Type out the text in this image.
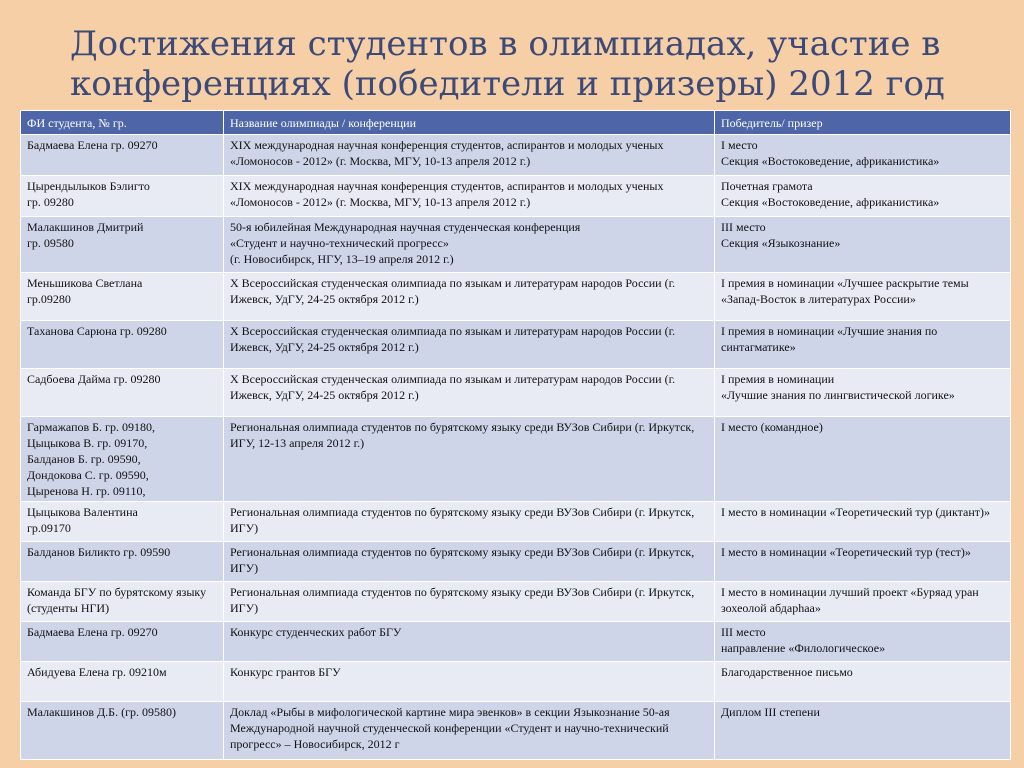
Достижения студентов в олимпиадах, участие в конференциях (победители и призеры) 2012 год
ФИ студента, № гр.	Название олимпиады / конференции	Победитель/ призер
Бадмаева Елена гр. 09270	XIX международная научная конференция студентов, аспирантов и молодых ученых «Ломоносов - 2012» (г. Москва, МГУ, 10-13 апреля 2012 г.)	I место
Секция «Востоковедение, африканистика»
Цырендылыков Бэлигто
гр. 09280	XIX международная научная конференция студентов, аспирантов и молодых ученых «Ломоносов - 2012» (г. Москва, МГУ, 10-13 апреля 2012 г.)	Почетная грамота
Секция «Востоковедение, африканистика»
Малакшинов Дмитрий
гр. 09580	50-я юбилейная Международная научная студенческая конференция
«Студент и научно-технический прогресс»
(г. Новосибирск, НГУ, 13–19 апреля 2012 г.)	III место
Секция «Языкознание»
Меньшикова Светлана
гр.09280	X Всероссийская студенческая олимпиада по языкам и литературам народов России (г. Ижевск, УдГУ, 24-25 октября 2012 г.)	I премия в номинации «Лучшее раскрытие темы «Запад-Восток в литературах России»
Таханова Сарюна гр. 09280	X Всероссийская студенческая олимпиада по языкам и литературам народов России (г. Ижевск, УдГУ, 24-25 октября 2012 г.)	I премия в номинации «Лучшие знания по синтагматике»
Садбоева Дайма гр. 09280	X Всероссийская студенческая олимпиада по языкам и литературам народов России (г. Ижевск, УдГУ, 24-25 октября 2012 г.)	I премия в номинации
«Лучшие знания по лингвистической логике»
Гармажапов Б. гр. 09180,
Цыцыкова В. гр. 09170,
Балданов Б. гр. 09590,
Дондокова С. гр. 09590,
Цыренова Н. гр. 09110,	Региональная олимпиада студентов по бурятскому языку среди ВУЗов Сибири (г. Иркутск, ИГУ, 12-13 апреля 2012 г.)	I место (командное)
Цыцыкова Валентина
гр.09170	Региональная олимпиада студентов по бурятскому языку среди ВУЗов Сибири (г. Иркутск, ИГУ)	I место в номинации «Теоретический тур (диктант)»
Балданов Биликто гр. 09590	Региональная олимпиада студентов по бурятскому языку среди ВУЗов Сибири (г. Иркутск, ИГУ)	I место в номинации «Теоретический тур (тест)»
Команда БГУ по бурятскому языку (студенты НГИ)	Региональная олимпиада студентов по бурятскому языку среди ВУЗов Сибири (г. Иркутск, ИГУ)	I место в номинации лучший проект «Буряад уран зохеолой абдарhаа»
Бадмаева Елена гр. 09270	Конкурс студенческих работ БГУ	III место
направление «Филологическое»
Абидуева Елена гр. 09210м	Конкурс грантов БГУ	Благодарственное письмо
Малакшинов Д.Б. (гр. 09580)	Доклад «Рыбы в мифологической картине мира эвенков» в секции Языкознание 50-ая Международной научной студенческой конференции «Студент и научно-технический прогресс» – Новосибирск, 2012 г	Диплом III степени
